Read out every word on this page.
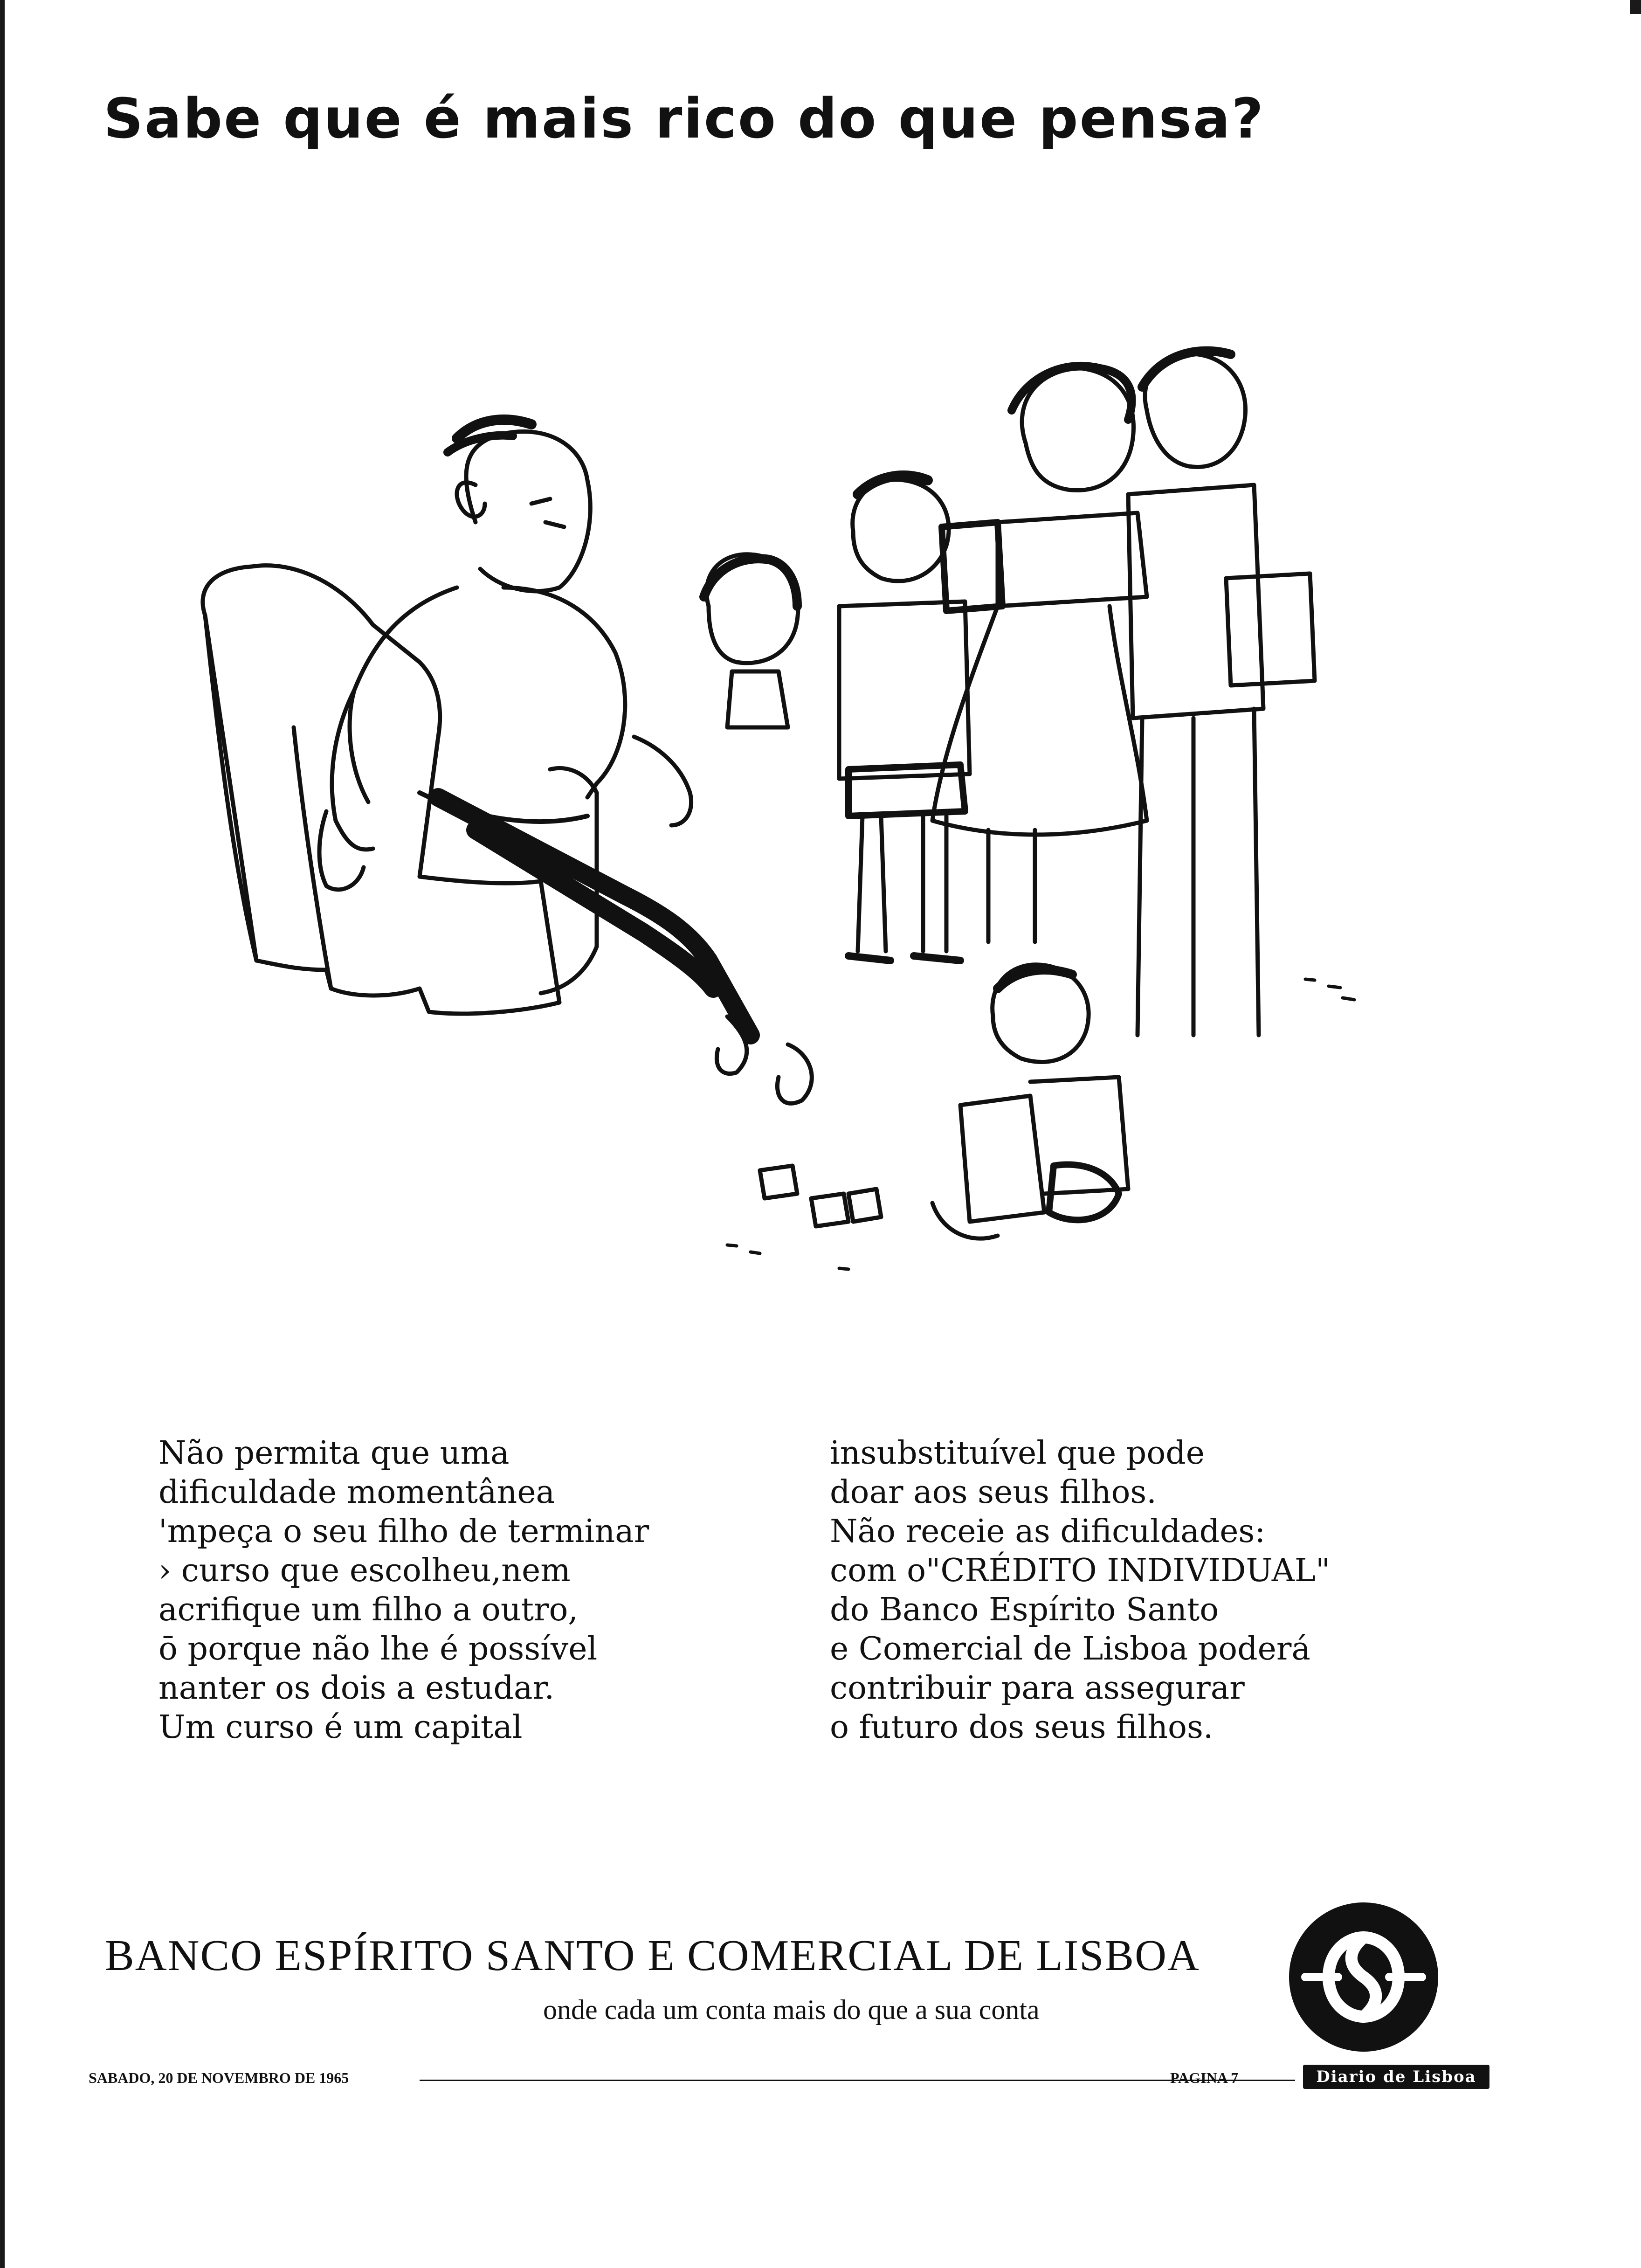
Sabe que é mais rico do que pensa?
Não permita que uma
dificuldade momentânea
'mpeça o seu filho de terminar
› curso que escolheu,nem
acrifique um filho a outro,
ō porque não lhe é possível
nanter os dois a estudar.
Um curso é um capital
insubstituível que pode
doar aos seus filhos.
Não receie as dificuldades:
com o"CRÉDITO INDIVIDUAL"
do Banco Espírito Santo
e Comercial de Lisboa poderá
contribuir para assegurar
o futuro dos seus filhos.

BANCO ESPÍRITO SANTO E COMERCIAL DE LISBOA

onde cada um conta mais do que a sua conta

SABADO, 20 DE NOVEMBRO DE 1965	PAGINA 7	Diario de Lisboa
